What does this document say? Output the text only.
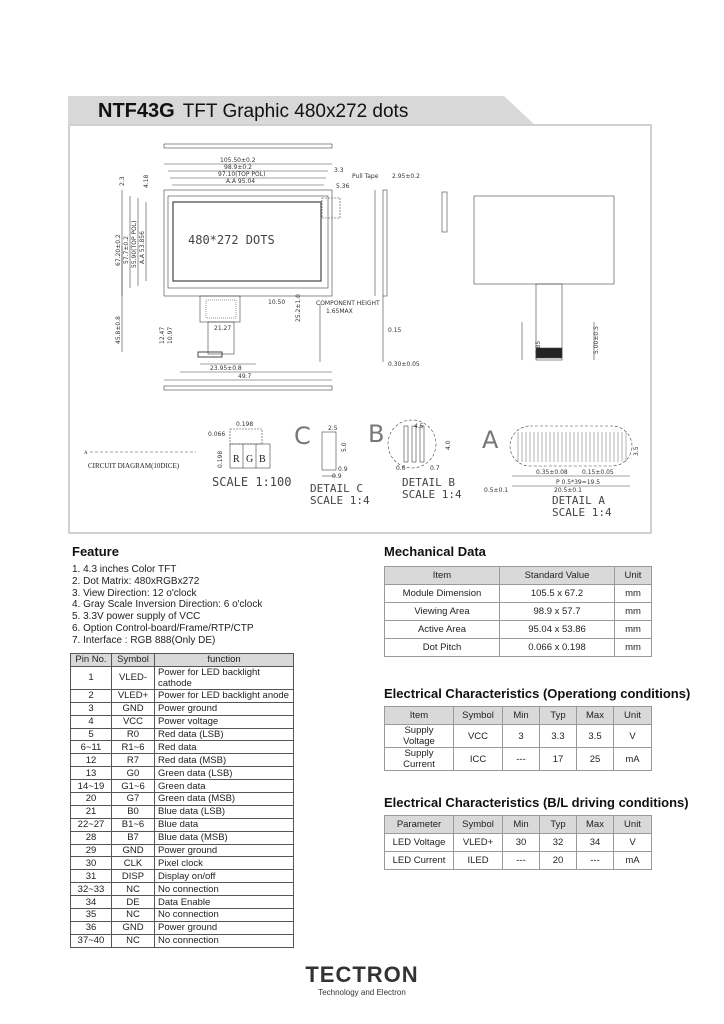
NTF43G TFT Graphic 480x272 dots
105.50±0.2
98.9±0.2
97.10(TOP POL)
A.A 95.04
3.3
5.36
Pull Tape 2.95±0.2
2.3	4.18
67.20±0.2 57.7±0.2 55.90(TOP POL) A.A 53.856	480*272 DOTS
10.50 25.2±1.0 COMPONENT HEIGHT
1.65MAX
0.15
0.30±0.05
45.8±0.8	12.47 10.97	21.27
23.95±0.8
49.7
17.85	5.00±0.5
0.198
0.066
0.198 R G B
A
CIRCUIT DIAGRAM(10DICE)
SCALE 1:100
C	2.5
5.0
0.9
0.9
DETAIL C
SCALE 1:4
B	4.5
4.0
0.6	0.7
DETAIL B
SCALE 1:4
A	3.5
0.35±0.08 0.15±0.05
P 0.5*39=19.5
20.5±0.1
0.5±0.1
DETAIL A
SCALE 1:4
Feature
1. 4.3 inches Color TFT
2. Dot Matrix: 480xRGBx272
3. View Direction: 12 o'clock
4. Gray Scale Inversion Direction: 6 o'clock
5. 3.3V power supply of VCC
6. Option Control-board/Frame/RTP/CTP
7. Interface : RGB 888(Only DE)
Pin No.	Symbol	function
1	VLED-	Power for LED backlight cathode
2	VLED+	Power for LED backlight anode
3	GND	Power ground
4	VCC	Power voltage
5	R0	Red data (LSB)
6~11	R1~6	Red data
12	R7	Red data (MSB)
13	G0	Green data (LSB)
14~19	G1~6	Green data
20	G7	Green data (MSB)
21	B0	Blue data (LSB)
22~27	B1~6	Blue data
28	B7	Blue data (MSB)
29	GND	Power ground
30	CLK	Pixel clock
31	DISP	Display on/off
32~33	NC	No connection
34	DE	Data Enable
35	NC	No connection
36	GND	Power ground
37~40	NC	No connection
Mechanical Data
Item	Standard Value	Unit
Module Dimension	105.5 x 67.2	mm
Viewing Area	98.9 x 57.7	mm
Active Area	95.04 x 53.86	mm
Dot Pitch	0.066 x 0.198	mm
Electrical Characteristics (Operationg conditions)
Item	Symbol	Min	Typ	Max	Unit
Supply Voltage	VCC	3	3.3	3.5	V
Supply Current	ICC	---	17	25	mA
Electrical Characteristics (B/L driving conditions)
Parameter	Symbol	Min	Typ	Max	Unit
LED Voltage	VLED+	30	32	34	V
LED Current	ILED	---	20	---	mA
TECTRON
Technology and Electron
